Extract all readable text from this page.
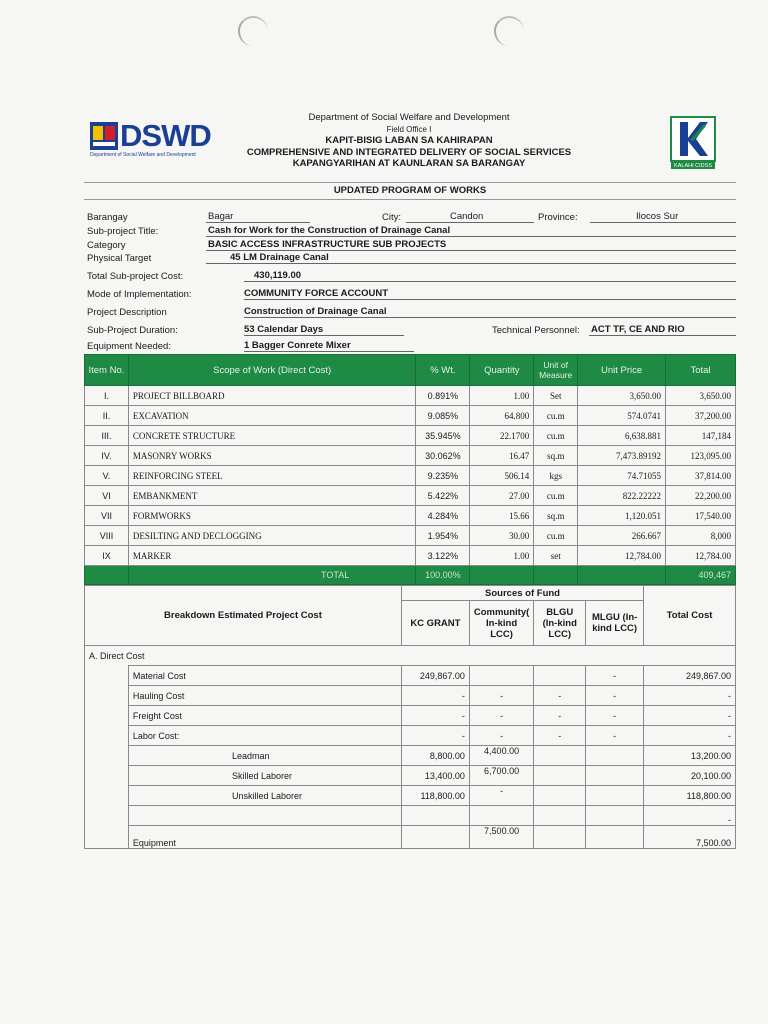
DSWD
Department of Social Welfare and Development
Department of Social Welfare and Development
Field Office I
KAPIT-BISIG LABAN SA KAHIRAPAN
COMPREHENSIVE AND INTEGRATED DELIVERY OF SOCIAL SERVICES
KAPANGYARIHAN AT KAUNLARAN SA BARANGAY	KALAHI CIDSS
UPDATED PROGRAM OF WORKS
Barangay	Bagar	City:	Candon	Province:	Ilocos Sur
Sub-project Title:	Cash for Work for the Construction of Drainage Canal
Category	BASIC ACCESS INFRASTRUCTURE SUB PROJECTS
Physical Target	45 LM Drainage Canal
Total Sub-project Cost:	430,119.00
Mode of Implementation:	COMMUNITY FORCE ACCOUNT
Project Description	Construction of Drainage Canal
Sub-Project Duration:	53 Calendar Days	Technical Personnel: ACT TF, CE AND RIO
Equipment Needed:	1 Bagger Conrete Mixer
Item No.	Scope of Work (Direct Cost)	% Wt.	Quantity	Unit of Measure	Unit Price	Total
I.	PROJECT BILLBOARD	0.891%	1.00	Set	3,650.00	3,650.00
II.	EXCAVATION	9.085%	64.800	cu.m	574.0741	37,200.00
III.	CONCRETE STRUCTURE	35.945%	22.1700	cu.m	6,638.881	147,184
IV.	MASONRY WORKS	30.062%	16.47	sq.m	7,473.89192	123,095.00
V.	REINFORCING STEEL	9.235%	506.14	kgs	74.71055	37,814.00
VI	EMBANKMENT	5.422%	27.00	cu.m	822.22222	22,200.00
VII	FORMWORKS	4.284%	15.66	sq.m	1,120.051	17,540.00
VIII	DESILTING AND DECLOGGING	1.954%	30.00	cu.m	266.667	8,000
IX	MARKER	3.122%	1.00	set	12,784.00	12,784.00
	TOTAL	100.00%				409,467
Breakdown Estimated Project Cost			Sources of Fund				Total Cost
			KC GRANT	Community( In-kind LCC)	BLGU (In-kind LCC)	MLGU (In-kind LCC)	
A. Direct Cost							
	Material Cost		249,867.00			-	249,867.00
	Hauling Cost		-	-	-	-	-
	Freight Cost		-	-	-	-	-
	Labor Cost:		-	-	-	-	-
		Leadman	8,800.00	4,400.00			13,200.00
		Skilled Laborer	13,400.00	6,700.00			20,100.00
		Unskilled Laborer	118,800.00	-			118,800.00
							-
	Equipment			7,500.00			7,500.00
